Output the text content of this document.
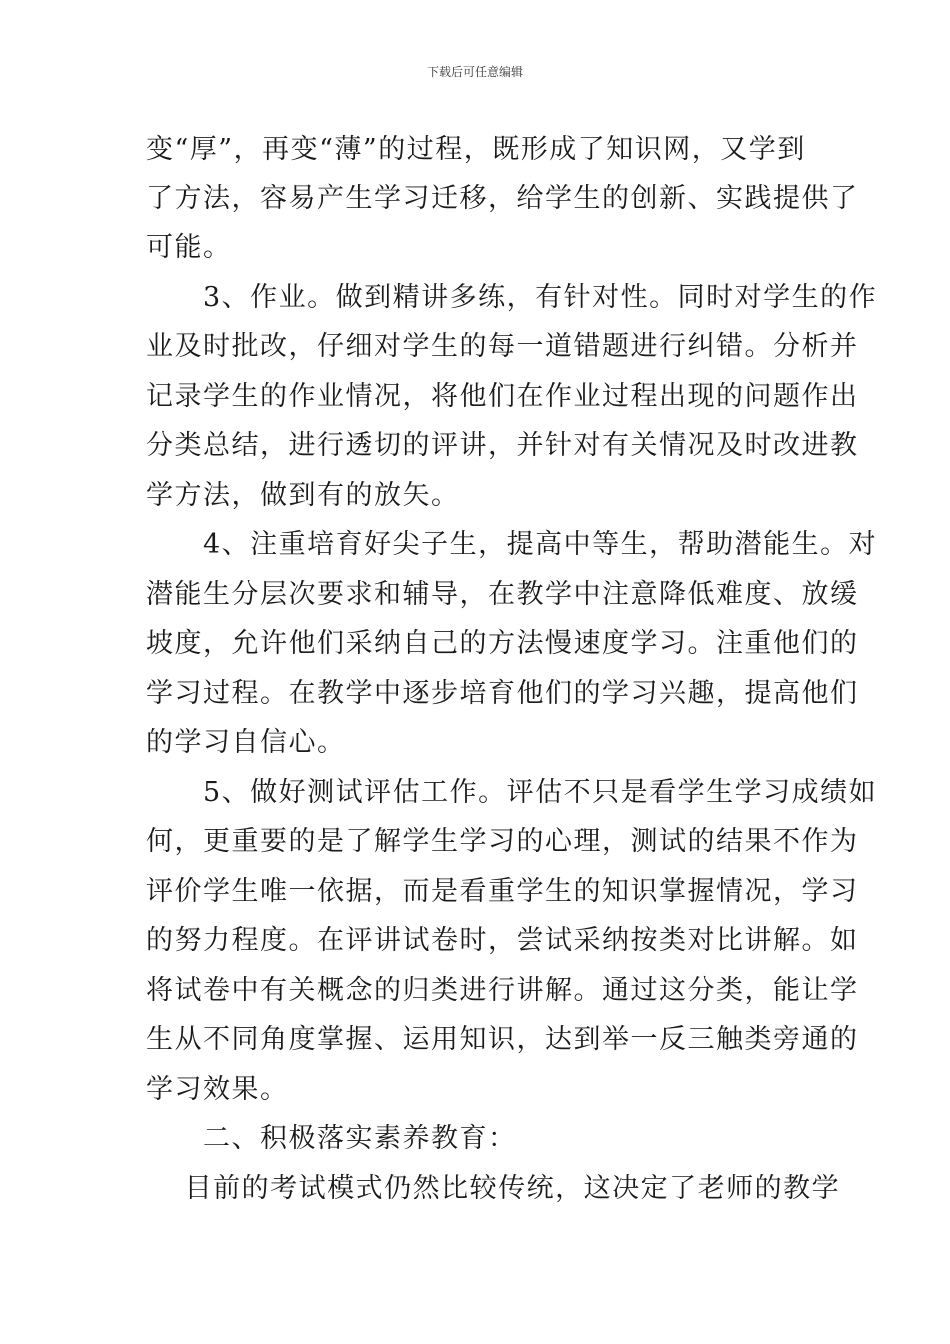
下载后可任意编辑
变“厚”，再变“薄”的过程，既形成了知识网，又学到
了方法，容易产生学习迁移，给学生的创新、实践提供了
可能。
　　3、作业。做到精讲多练，有针对性。同时对学生的作
业及时批改，仔细对学生的每一道错题进行纠错。分析并
记录学生的作业情况，将他们在作业过程出现的问题作出
分类总结，进行透切的评讲，并针对有关情况及时改进教
学方法，做到有的放矢。
　　4、注重培育好尖子生，提高中等生，帮助潜能生。对
潜能生分层次要求和辅导，在教学中注意降低难度、放缓
坡度，允许他们采纳自己的方法慢速度学习。注重他们的
学习过程。在教学中逐步培育他们的学习兴趣，提高他们
的学习自信心。
　　5、做好测试评估工作。评估不只是看学生学习成绩如
何，更重要的是了解学生学习的心理，测试的结果不作为
评价学生唯一依据，而是看重学生的知识掌握情况，学习
的努力程度。在评讲试卷时，尝试采纳按类对比讲解。如
将试卷中有关概念的归类进行讲解。通过这分类，能让学
生从不同角度掌握、运用知识，达到举一反三触类旁通的
学习效果。
　　二、积极落实素养教育：
　 目前的考试模式仍然比较传统，这决定了老师的教学
